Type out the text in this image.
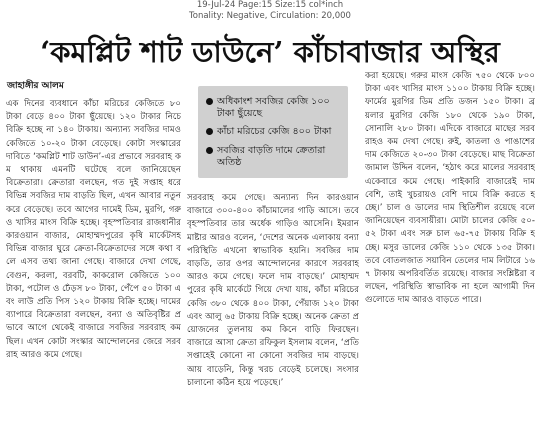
19-Jul-24 Page:15 Size:15 col*inch
Tonality: Negative, Circulation: 20,000
‘কমপ্লিট শাট ডাউনে’ কাঁচাবাজার অস্থির
জাহাঙ্গীর আলম
অধিকাংশ সবজির কেজি ১০০ টাকা ছুঁয়েছে
কাঁচা মরিচের কেজি ৪০০ টাকা
সবজির বাড়তি দামে ক্রেতারা অতিষ্ঠ
এক দিনের ব্যবধানে কাঁচা মরিচের কেজিতে ৮০ টাকা বেড়ে ৪০০ টাকা ছুঁয়েছে। ১২০ টাকার নিচে বিক্রি হচ্ছে না ১৪০ টাকায়। অন্যান্য সবজির দামও কেজিতে ১০-২০ টাকা বেড়েছে। কোটা সংস্কারের দাবিতে ‘কমপ্লিট শাট ডাউন’-এর প্রভাবে সরবরাহ কম থাকায় এমনটি ঘটেছে বলে জানিয়েছেন বিক্রেতারা। ক্রেতারা বলছেন, গত দুই সপ্তাহ ধরে বিভিন্ন সবজির দাম বাড়তি ছিল, এখন আবার নতুন করে বেড়েছে। তবে আগের দামেই ডিম, মুরগি, গরু ও খাসির মাংস বিক্রি হচ্ছে। বৃহস্পতিবার রাজধানীর কারওয়ান বাজার, মোহাম্মদপুরের কৃষি মার্কেটসহ বিভিন্ন বাজার ঘুরে ক্রেতা-বিক্রেতাদের সঙ্গে কথা বলে এসব তথ্য জানা গেছে। বাজারে দেখা গেছে, বেগুন, করলা, বরবটি, কাকরোল কেজিতে ১০০ টাকা, পটোল ও ঢেঁড়স ৮০ টাকা, পেঁপে ৫০ টাকা এবং লাউ প্রতি পিস ১২০ টাকায় বিক্রি হচ্ছে। দামের ব্যাপারে বিক্রেতারা বলছেন, বন্যা ও অতিবৃষ্টির প্রভাবে আগে থেকেই বাজারে সবজির সরবরাহ কম ছিল। এখন কোটা সংস্কার আন্দোলনের জেরে সরবরাহ আরও কমে গেছে।
সরবরাহ কমে গেছে। অন্যান্য দিন কারওয়ান বাজারে ৩০০-৪০০ কাঁচামালের গাড়ি আসে। তবে বৃহস্পতিবার তার অর্ধেক গাড়িও আসেনি। ইমরান মাষ্টার আরও বলেন, ‘দেশের অনেক এলাকায় বন্যা পরিস্থিতি এখনো স্বাভাবিক হয়নি। সবজির দাম বাড়তি, তার ওপর আন্দোলনের কারণে সরবরাহ আরও কমে গেছে। ফলে দাম বাড়ছে।’ মোহাম্মদপুরের কৃষি মার্কেটে গিয়ে দেখা যায়, কাঁচা মরিচের কেজি ৩৮০ থেকে ৪০০ টাকা, পেঁয়াজ ১২০ টাকা এবং আলু ৬৫ টাকায় বিক্রি হচ্ছে। অনেক ক্রেতা প্রয়োজনের তুলনায় কম কিনে বাড়ি ফিরছেন। বাজারে আসা ক্রেতা রফিকুল ইসলাম বলেন, ‘প্রতি সপ্তাহেই কোনো না কোনো সবজির দাম বাড়ছে। আয় বাড়েনি, কিন্তু খরচ বেড়েই চলেছে। সংসার চালানো কঠিন হয়ে পড়েছে।’
করা হয়েছে। গরুর মাংস কেজি ৭৫০ থেকে ৮০০ টাকা এবং খাসির মাংস ১১০০ টাকায় বিক্রি হচ্ছে। ফার্মের মুরগির ডিম প্রতি ডজন ১৫০ টাকা। ব্রয়লার মুরগির কেজি ১৮০ থেকে ১৯০ টাকা, সোনালি ২৮০ টাকা। এদিকে বাজারে মাছের সরবরাহও কম দেখা গেছে। রুই, কাতলা ও পাঙাশের দাম কেজিতে ২০-৩০ টাকা বেড়েছে। মাছ বিক্রেতা জামাল উদ্দিন বলেন, ‘হঠাৎ করে মালের সরবরাহ একেবারে কমে গেছে। পাইকারি বাজারেই দাম বেশি, তাই খুচরায়ও বেশি দামে বিক্রি করতে হচ্ছে।’ চাল ও ডালের দাম স্থিতিশীল রয়েছে বলে জানিয়েছেন ব্যবসায়ীরা। মোটা চালের কেজি ৫০-৫২ টাকা এবং সরু চাল ৬৫-৭৫ টাকায় বিক্রি হচ্ছে। মসুর ডালের কেজি ১১০ থেকে ১৩৫ টাকা। তবে বোতলজাত সয়াবিন তেলের দাম লিটারে ১৬৭ টাকায় অপরিবর্তিত রয়েছে। বাজার সংশ্লিষ্টরা বলছেন, পরিস্থিতি স্বাভাবিক না হলে আগামী দিনগুলোতে দাম আরও বাড়তে পারে।
